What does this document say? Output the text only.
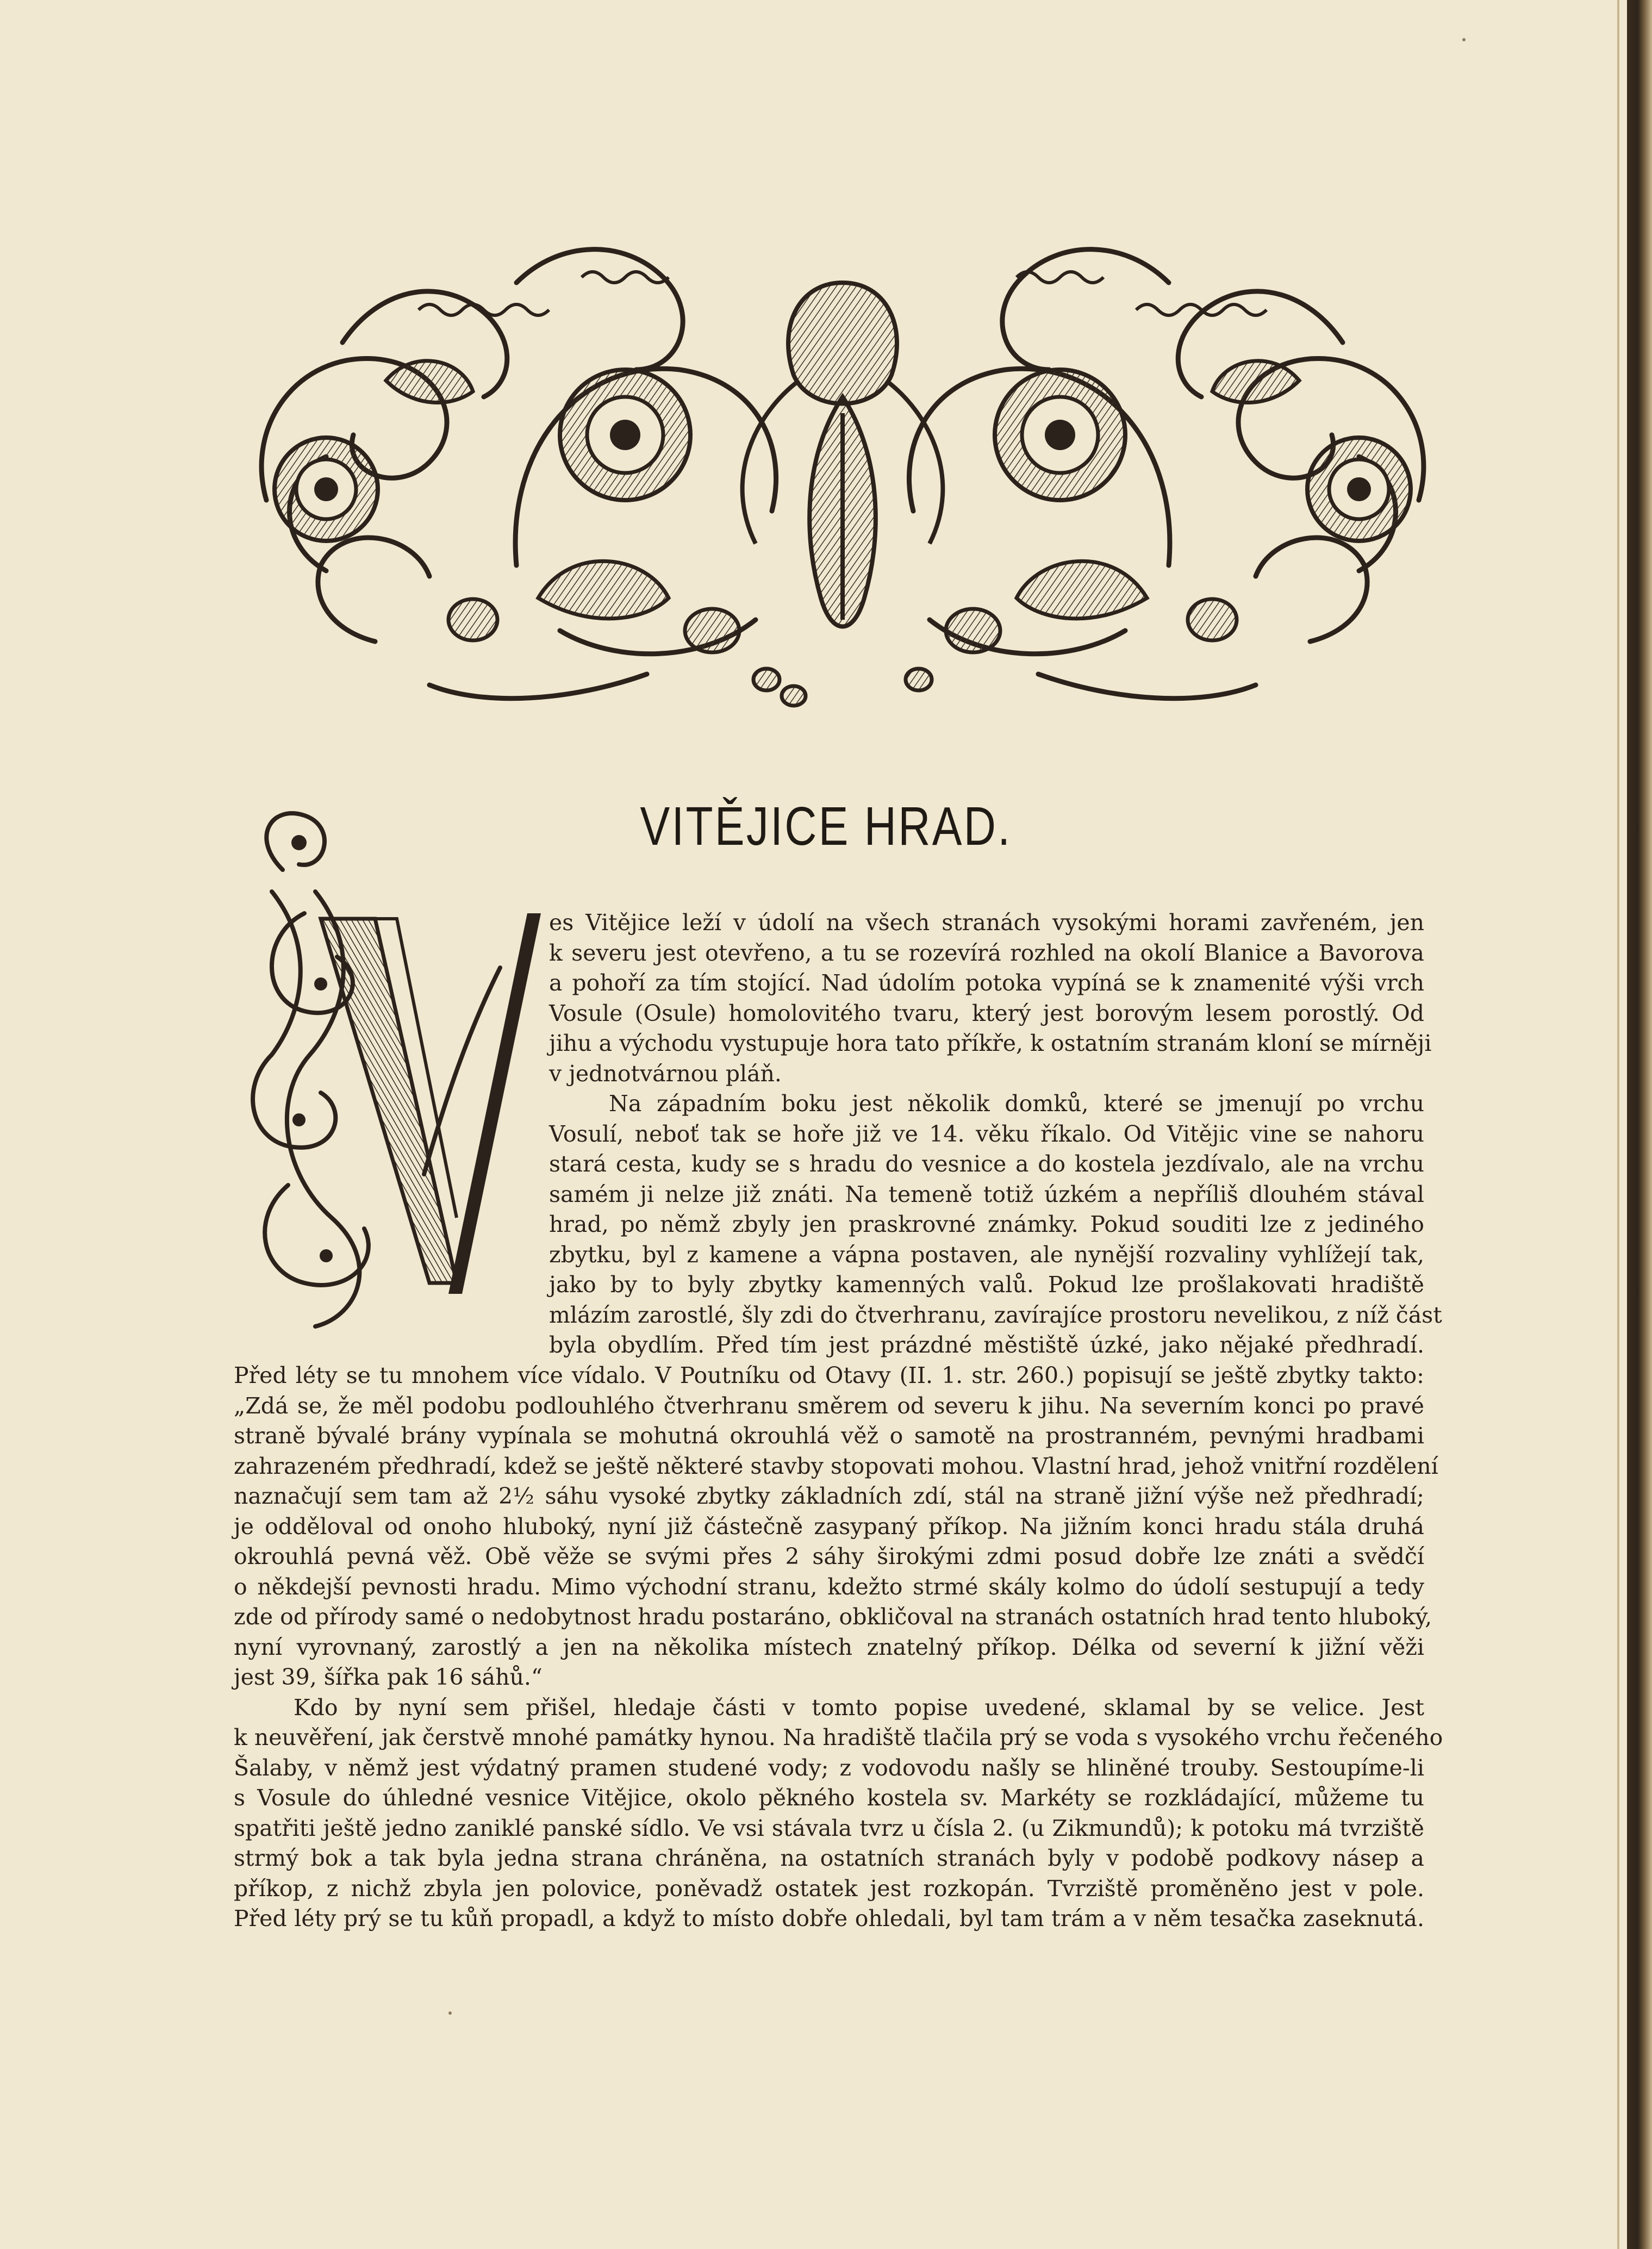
VITĚJICE HRAD.
es Vitějice leží v údolí na všech stranách vysokými horami zavřeném, jen
k severu jest otevřeno, a tu se rozevírá rozhled na okolí Blanice a Bavorova
a pohoří za tím stojící. Nad údolím potoka vypíná se k znamenité výši vrch
Vosule (Osule) homolovitého tvaru, který jest borovým lesem porostlý. Od
jihu a východu vystupuje hora tato příkře, k ostatním stranám kloní se mírněji
v jednotvárnou pláň.
Na západním boku jest několik domků, které se jmenují po vrchu
Vosulí, neboť tak se hoře již ve 14. věku říkalo. Od Vitějic vine se nahoru
stará cesta, kudy se s hradu do vesnice a do kostela jezdívalo, ale na vrchu
samém ji nelze již znáti. Na temeně totiž úzkém a nepříliš dlouhém stával
hrad, po němž zbyly jen praskrovné známky. Pokud souditi lze z jediného
zbytku, byl z kamene a vápna postaven, ale nynější rozvaliny vyhlížejí tak,
jako by to byly zbytky kamenných valů. Pokud lze prošlakovati hradiště
mlázím zarostlé, šly zdi do čtverhranu, zavírajíce prostoru nevelikou, z níž část
byla obydlím. Před tím jest prázdné městiště úzké, jako nějaké předhradí.
Před léty se tu mnohem více vídalo. V Poutníku od Otavy (II. 1. str. 260.) popisují se ještě zbytky takto:
„Zdá se, že měl podobu podlouhlého čtverhranu směrem od severu k jihu. Na severním konci po pravé
straně bývalé brány vypínala se mohutná okrouhlá věž o samotě na prostranném, pevnými hradbami
zahrazeném předhradí, kdež se ještě některé stavby stopovati mohou. Vlastní hrad, jehož vnitřní rozdělení
naznačují sem tam až 2½ sáhu vysoké zbytky základních zdí, stál na straně jižní výše než předhradí;
je odděloval od onoho hluboký, nyní již částečně zasypaný příkop. Na jižním konci hradu stála druhá
okrouhlá pevná věž. Obě věže se svými přes 2 sáhy širokými zdmi posud dobře lze znáti a svědčí
o někdejší pevnosti hradu. Mimo východní stranu, kdežto strmé skály kolmo do údolí sestupují a tedy
zde od přírody samé o nedobytnost hradu postaráno, obkličoval na stranách ostatních hrad tento hluboký,
nyní vyrovnaný, zarostlý a jen na několika místech znatelný příkop. Délka od severní k jižní věži
jest 39, šířka pak 16 sáhů.“
Kdo by nyní sem přišel, hledaje části v tomto popise uvedené, sklamal by se velice. Jest
k neuvěření, jak čerstvě mnohé památky hynou. Na hradiště tlačila prý se voda s vysokého vrchu řečeného
Šalaby, v němž jest výdatný pramen studené vody; z vodovodu našly se hliněné trouby. Sestoupíme-li
s Vosule do úhledné vesnice Vitějice, okolo pěkného kostela sv. Markéty se rozkládající, můžeme tu
spatřiti ještě jedno zaniklé panské sídlo. Ve vsi stávala tvrz u čísla 2. (u Zikmundů); k potoku má tvrziště
strmý bok a tak byla jedna strana chráněna, na ostatních stranách byly v podobě podkovy násep a
příkop, z nichž zbyla jen polovice, poněvadž ostatek jest rozkopán. Tvrziště proměněno jest v pole.
Před léty prý se tu kůň propadl, a když to místo dobře ohledali, byl tam trám a v něm tesačka zaseknutá.
